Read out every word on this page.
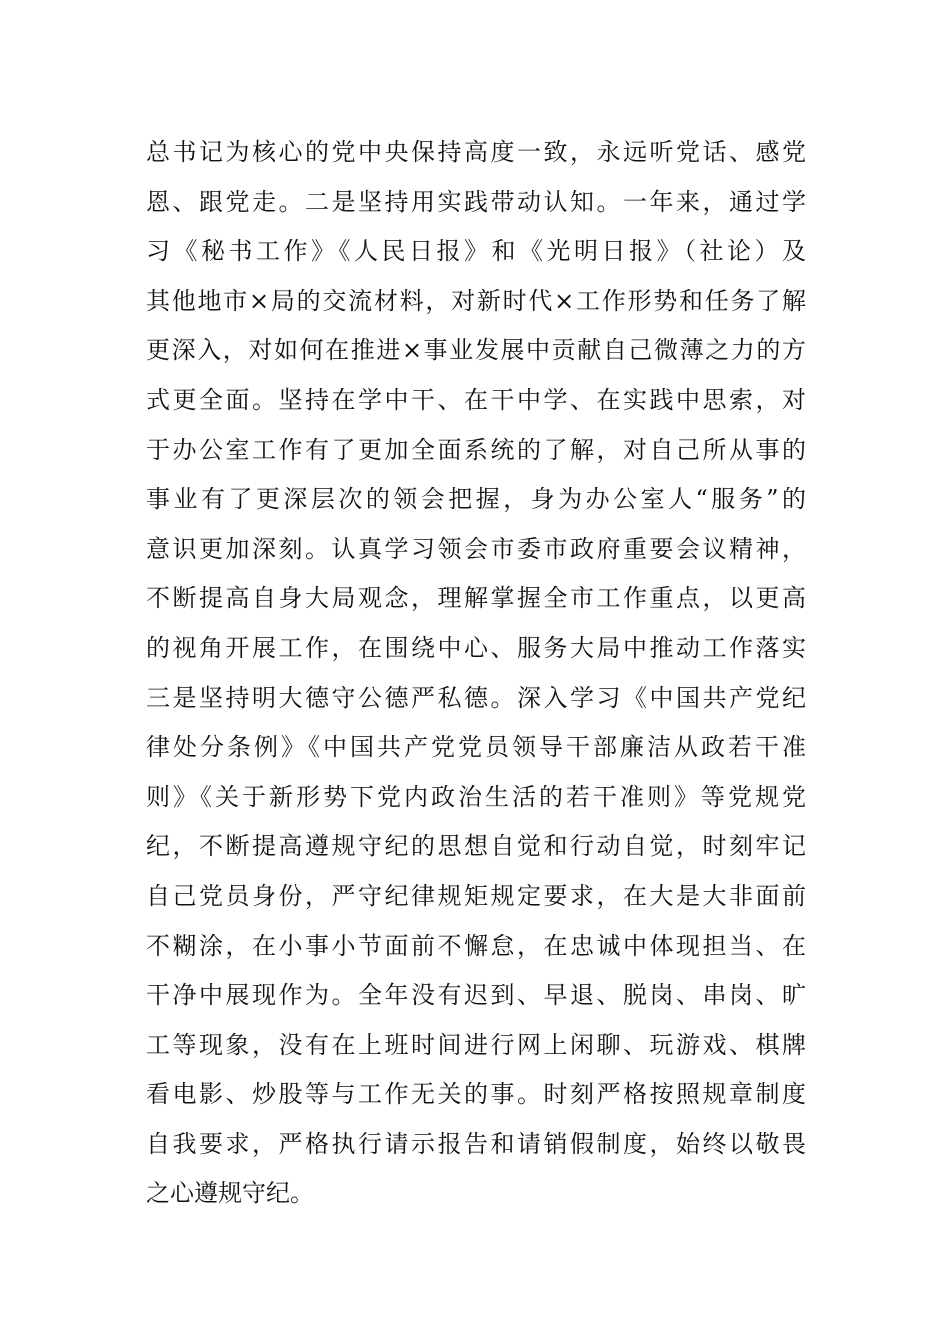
总书记为核心的党中央保持高度一致，永远听党话、感党
恩、跟党走。二是坚持用实践带动认知。一年来，通过学
习《秘书工作》《人民日报》和《光明日报》（社论）及
其他地市×局的交流材料，对新时代×工作形势和任务了解
更深入，对如何在推进×事业发展中贡献自己微薄之力的方
式更全面。坚持在学中干、在干中学、在实践中思索，对
于办公室工作有了更加全面系统的了解，对自己所从事的
事业有了更深层次的领会把握，身为办公室人“服务”的
意识更加深刻。认真学习领会市委市政府重要会议精神，
不断提高自身大局观念，理解掌握全市工作重点，以更高
的视角开展工作，在围绕中心、服务大局中推动工作落实
三是坚持明大德守公德严私德。深入学习《中国共产党纪
律处分条例》《中国共产党党员领导干部廉洁从政若干准
则》《关于新形势下党内政治生活的若干准则》等党规党
纪，不断提高遵规守纪的思想自觉和行动自觉，时刻牢记
自己党员身份，严守纪律规矩规定要求，在大是大非面前
不糊涂，在小事小节面前不懈怠，在忠诚中体现担当、在
干净中展现作为。全年没有迟到、早退、脱岗、串岗、旷
工等现象，没有在上班时间进行网上闲聊、玩游戏、棋牌
看电影、炒股等与工作无关的事。时刻严格按照规章制度
自我要求，严格执行请示报告和请销假制度，始终以敬畏
之心遵规守纪。
